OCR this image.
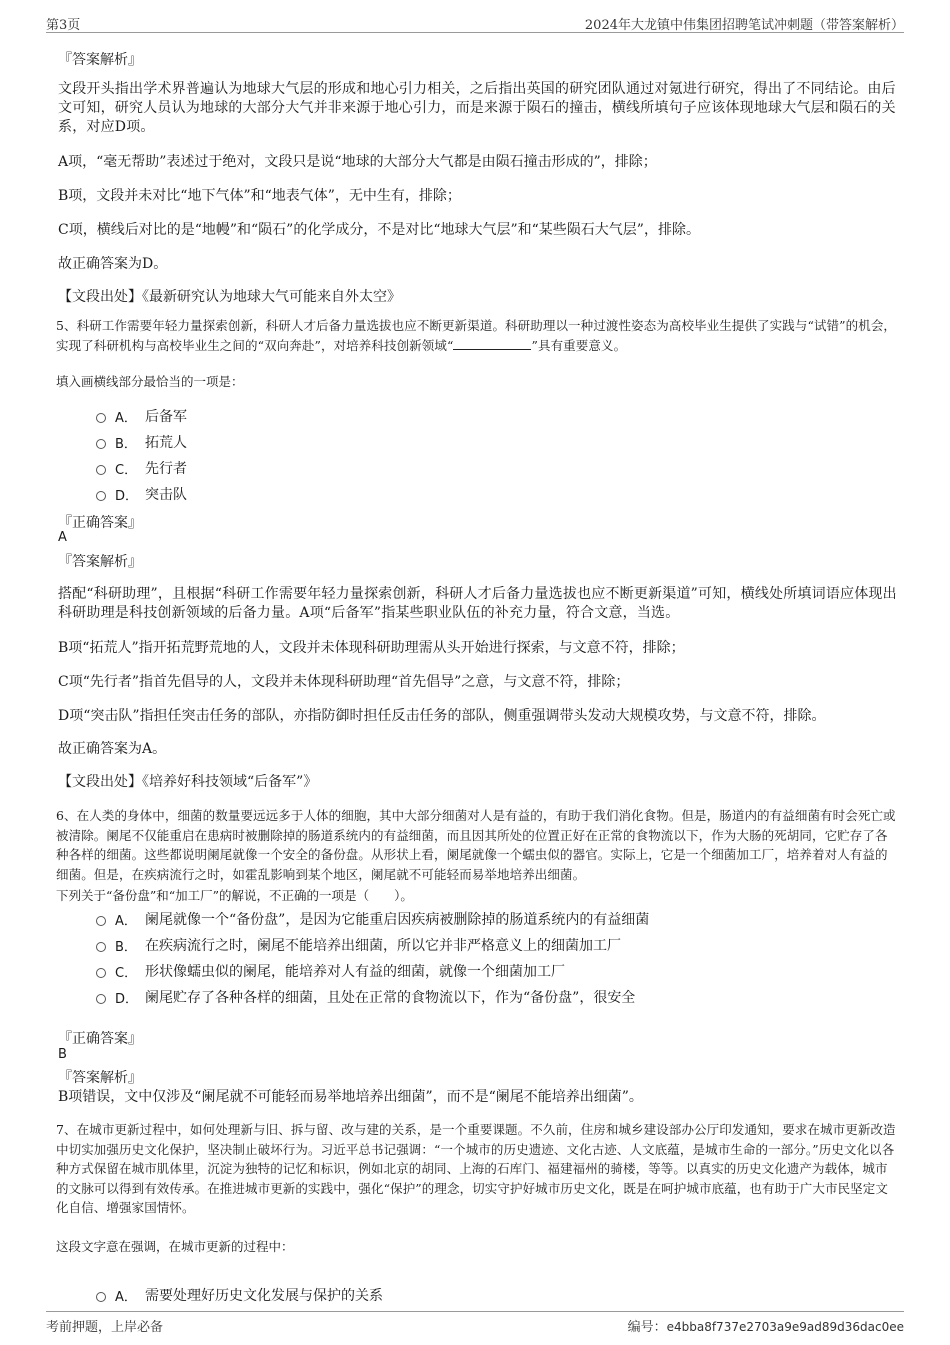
第3页	2024年大龙镇中伟集团招聘笔试冲刺题（带答案解析）
『答案解析』
文段开头指出学术界普遍认为地球大气层的形成和地心引力相关，之后指出英国的研究团队通过对氪进行研究，得出了不同结论。由后文可知，研究人员认为地球的大部分大气并非来源于地心引力，而是来源于陨石的撞击，横线所填句子应该体现地球大气层和陨石的关系，对应D项。
A项，“毫无帮助”表述过于绝对，文段只是说“地球的大部分大气都是由陨石撞击形成的”，排除；
B项，文段并未对比“地下气体”和“地表气体”，无中生有，排除；
C项，横线后对比的是“地幔”和“陨石”的化学成分，不是对比“地球大气层”和“某些陨石大气层”，排除。
故正确答案为D。
【文段出处】《最新研究认为地球大气可能来自外太空》
5、科研工作需要年轻力量探索创新，科研人才后备力量选拔也应不断更新渠道。科研助理以一种过渡性姿态为高校毕业生提供了实践与“试错”的机会，实现了科研机构与高校毕业生之间的“双向奔赴”，对培养科技创新领域“	”具有重要意义。
填入画横线部分最恰当的一项是：
A． 后备军
B． 拓荒人
C． 先行者
D． 突击队
『正确答案』
A
『答案解析』
搭配“科研助理”，且根据“科研工作需要年轻力量探索创新，科研人才后备力量选拔也应不断更新渠道”可知，横线处所填词语应体现出科研助理是科技创新领域的后备力量。A项“后备军”指某些职业队伍的补充力量，符合文意，当选。
B项“拓荒人”指开拓荒野荒地的人，文段并未体现科研助理需从头开始进行探索，与文意不符，排除；
C项“先行者”指首先倡导的人，文段并未体现科研助理“首先倡导”之意，与文意不符，排除；
D项“突击队”指担任突击任务的部队，亦指防御时担任反击任务的部队，侧重强调带头发动大规模攻势，与文意不符，排除。
故正确答案为A。
【文段出处】《培养好科技领域“后备军”》
6、在人类的身体中，细菌的数量要远远多于人体的细胞，其中大部分细菌对人是有益的，有助于我们消化食物。但是，肠道内的有益细菌有时会死亡或被清除。阑尾不仅能重启在患病时被删除掉的肠道系统内的有益细菌，而且因其所处的位置正好在正常的食物流以下，作为大肠的死胡同，它贮存了各种各样的细菌。这些都说明阑尾就像一个安全的备份盘。从形状上看，阑尾就像一个蠕虫似的器官。实际上，它是一个细菌加工厂，培养着对人有益的细菌。但是，在疾病流行之时，如霍乱影响到某个地区，阑尾就不可能轻而易举地培养出细菌。
下列关于“备份盘”和“加工厂”的解说，不正确的一项是（　　）。
A． 阑尾就像一个“备份盘”，是因为它能重启因疾病被删除掉的肠道系统内的有益细菌
B． 在疾病流行之时，阑尾不能培养出细菌，所以它并非严格意义上的细菌加工厂
C． 形状像蠕虫似的阑尾，能培养对人有益的细菌，就像一个细菌加工厂
D． 阑尾贮存了各种各样的细菌，且处在正常的食物流以下，作为“备份盘”，很安全
『正确答案』
B
『答案解析』
B项错误，文中仅涉及“阑尾就不可能轻而易举地培养出细菌”，而不是“阑尾不能培养出细菌”。
7、在城市更新过程中，如何处理新与旧、拆与留、改与建的关系，是一个重要课题。不久前，住房和城乡建设部办公厅印发通知，要求在城市更新改造中切实加强历史文化保护，坚决制止破坏行为。习近平总书记强调：“一个城市的历史遗迹、文化古迹、人文底蕴，是城市生命的一部分。”历史文化以各种方式保留在城市肌体里，沉淀为独特的记忆和标识，例如北京的胡同、上海的石库门、福建福州的骑楼，等等。以真实的历史文化遗产为载体，城市的文脉可以得到有效传承。在推进城市更新的实践中，强化“保护”的理念，切实守护好城市历史文化，既是在呵护城市底蕴，也有助于广大市民坚定文化自信、增强家国情怀。
这段文字意在强调，在城市更新的过程中：
A． 需要处理好历史文化发展与保护的关系
考前押题，上岸必备	编号：e4bba8f737e2703a9e9ad89d36dac0ee
